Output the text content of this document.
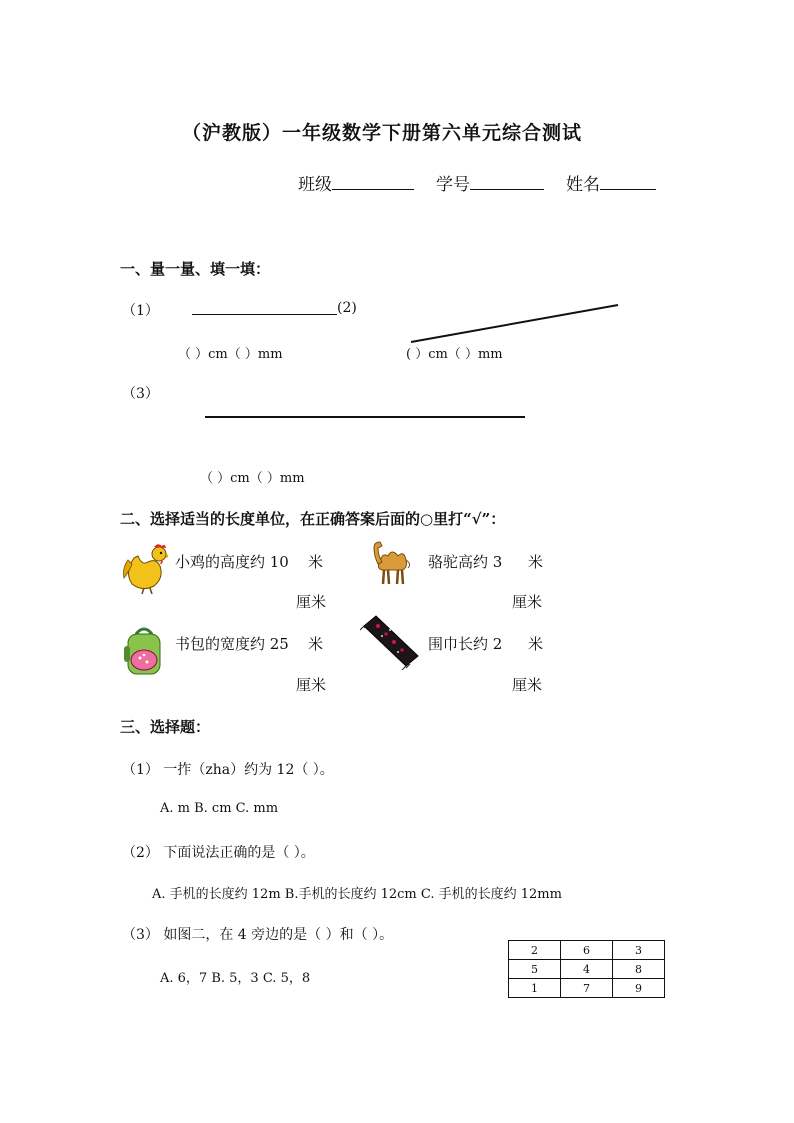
（沪教版）一年级数学下册第六单元综合测试
班级	学号	姓名
一、量一量、填一填：
（1）	(2)
（ ）cm（ ）mm	( ）cm（ ）mm
（3）
（ ）cm（ ）mm
二、选择适当的长度单位，在正确答案后面的○里打“√”：
小鸡的高度约 10 米
厘米
骆驼高约 3 米
厘米
书包的宽度约 25 米
厘米
围巾长约 2 米
厘米
三、选择题：
（1） 一拃（zha）约为 12（ ）。
A. m B. cm C. mm
（2） 下面说法正确的是（ ）。
A. 手机的长度约 12m B.手机的长度约 12cm C. 手机的长度约 12mm
（3） 如图二，在 4 旁边的是（ ）和（ ）。
A. 6，7 B. 5，3 C. 5，8
2	6	3
5	4	8
1	7	9
